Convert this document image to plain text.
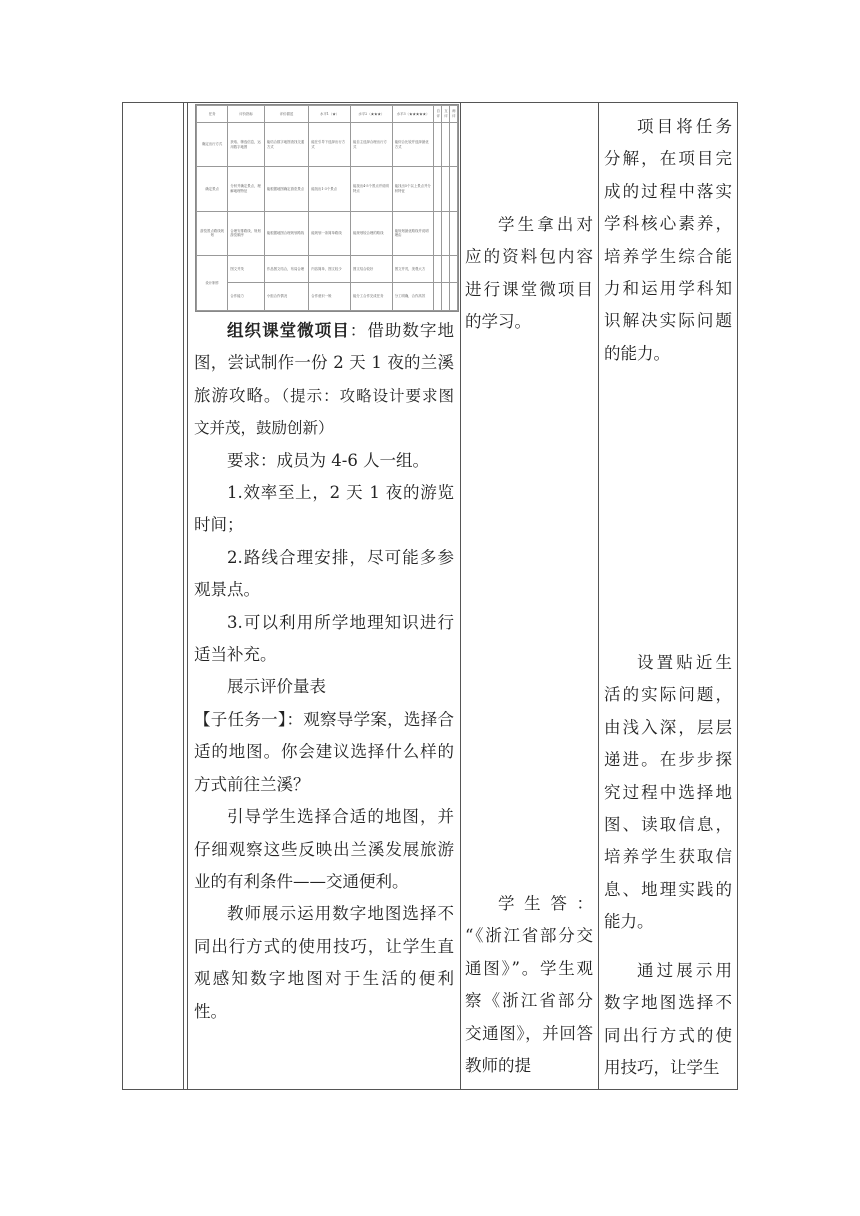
任务	评价指标	评价描述	水平1（★）	水平2（★★★）	水平3（★★★★★）	自评	互评	师评
确定出行方式	获取、筛选信息，运用数字地图	能结合数字地图查找交通方式	能在引导下选择出行方式	能自主选择合理出行方式	能综合比较并选择最优方式			
确定景点	分析并确定景点，理解地理特征	能根据地图确定游览景点	能找出1-3个景点	能找出4-5个景点并说明特点	能找出5个以上景点并分析特征			
游览景点路线规划	合理安排路线，规划游览顺序	能根据地图合理规划路线	能规划一条简单路线	能规划较合理的路线	能规划最优路线并说明理由			
设计制作	图文并茂	作品图文结合，布局合理	内容简单，图文较少	图文结合较好	图文并茂，美观大方			
	合作能力	小组合作情况	合作意识一般	能分工合作完成任务	分工明确，合作高效			

组织课堂微项目：借助数字地图，尝试制作一份 2 天 1 夜的兰溪旅游攻略。（提示：攻略设计要求图文并茂，鼓励创新）

要求：成员为 4-6 人一组。

1.效率至上，2 天 1 夜的游览时间；

2.路线合理安排，尽可能多参观景点。

3.可以利用所学地理知识进行适当补充。

展示评价量表

【子任务一】：观察导学案，选择合适的地图。你会建议选择什么样的方式前往兰溪？

引导学生选择合适的地图，并仔细观察这些反映出兰溪发展旅游业的有利条件——交通便利。

教师展示运用数字地图选择不同出行方式的使用技巧，让学生直观感知数字地图对于生活的便利性。

学生拿出对应的资料包内容进行课堂微项目的学习。

学 生 答 ：

“《浙江省部分交通图》”。学生观察《浙江省部分交通图》，并回答教师的提

项目将任务分解，在项目完成的过程中落实学科核心素养，培养学生综合能力和运用学科知识解决实际问题的能力。

设置贴近生活的实际问题，由浅入深，层层递进。在步步探究过程中选择地图、读取信息，培养学生获取信息、地理实践的能力。

通过展示用数字地图选择不同出行方式的使用技巧，让学生
